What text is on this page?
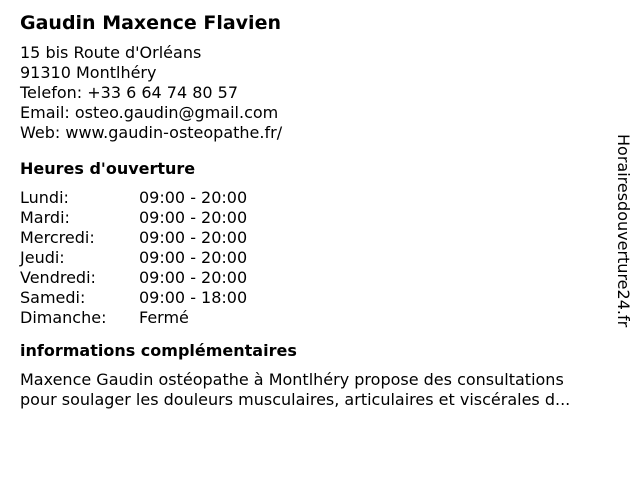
Gaudin Maxence Flavien
15 bis Route d'Orléans
91310 Montlhéry
Telefon: +33 6 64 74 80 57
Email: osteo.gaudin@gmail.com
Web: www.gaudin-osteopathe.fr/
Heures d'ouverture
Lundi:	09:00 - 20:00
Mardi:	09:00 - 20:00
Mercredi:	09:00 - 20:00
Jeudi:	09:00 - 20:00
Vendredi:	09:00 - 20:00
Samedi:	09:00 - 18:00
Dimanche: Fermé
informations complémentaires
Maxence Gaudin ostéopathe à Montlhéry propose des consultations
pour soulager les douleurs musculaires, articulaires et viscérales d...
Horairesdouverture24.fr
